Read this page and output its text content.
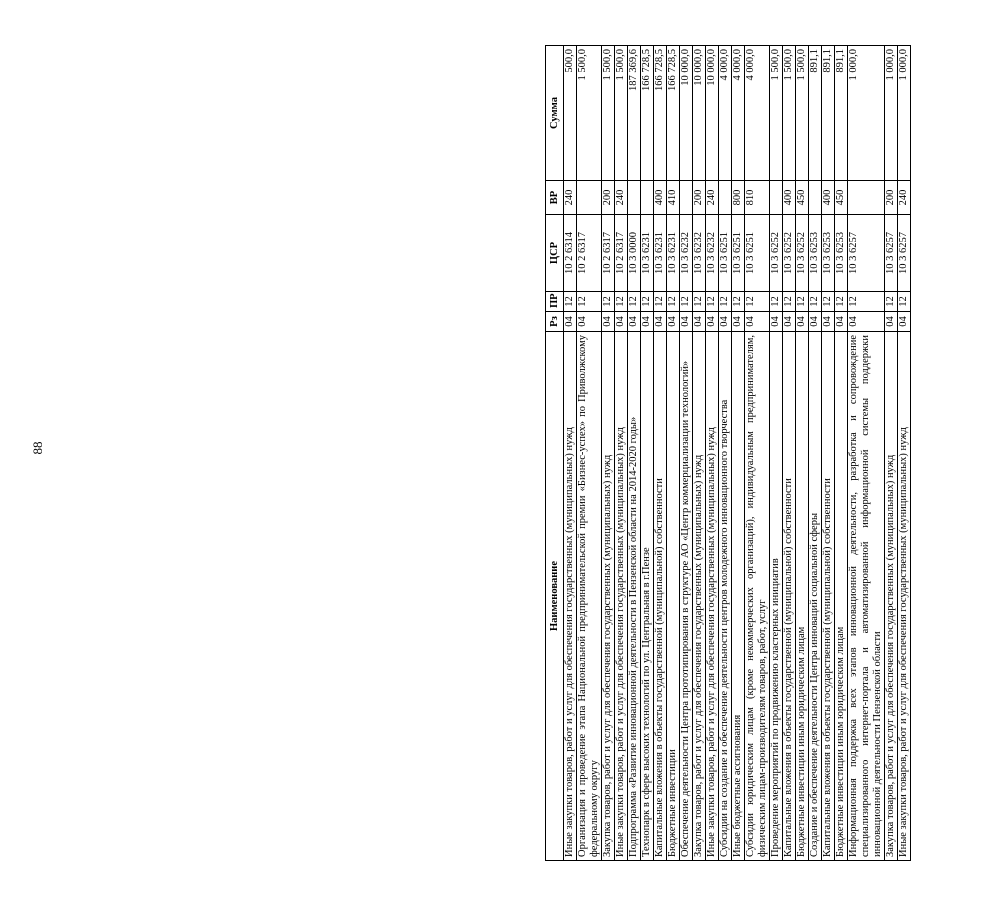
88
Наименование	Рз	ПР	ЦСР	ВР	Сумма
Иные закупки товаров, работ и услуг для обеспечения государственных (муниципальных) нужд	04	12	10 2 6314	240	500,0
Организация и проведение этапа Национальной предпринимательской премии «Бизнес-успех» по Приволжскому федеральному округу	04	12	10 2 6317		1 500,0
Закупка товаров, работ и услуг для обеспечения государственных (муниципальных) нужд	04	12	10 2 6317	200	1 500,0
Иные закупки товаров, работ и услуг для обеспечения государственных (муниципальных) нужд	04	12	10 2 6317	240	1 500,0
Подпрограмма «Развитие инновационной деятельности в Пензенской области на 2014-2020 годы»	04	12	10 3 0000		187 369,6
Технопарк в сфере высоких технологий по ул. Центральная в г.Пензе	04	12	10 3 6231		166 728,5
Капитальные вложения в объекты государственной (муниципальной) собственности	04	12	10 3 6231	400	166 728,5
Бюджетные инвестиции	04	12	10 3 6231	410	166 728,5
Обеспечение деятельности Центра прототипирования в структуре АО «Центр коммерциализации технологий»	04	12	10 3 6232		10 000,0
Закупка товаров, работ и услуг для обеспечения государственных (муниципальных) нужд	04	12	10 3 6232	200	10 000,0
Иные закупки товаров, работ и услуг для обеспечения государственных (муниципальных) нужд	04	12	10 3 6232	240	10 000,0
Субсидии на создание и обеспечение деятельности центров молодежного инновационного творчества	04	12	10 3 6251		4 000,0
Иные бюджетные ассигнования	04	12	10 3 6251	800	4 000,0
Субсидии юридическим лицам (кроме некоммерческих организаций), индивидуальным предпринимателям, физическим лицам-производителям товаров, работ, услуг	04	12	10 3 6251	810	4 000,0
Проведение мероприятий по продвижению кластерных инициатив	04	12	10 3 6252		1 500,0
Капитальные вложения в объекты государственной (муниципальной) собственности	04	12	10 3 6252	400	1 500,0
Бюджетные инвестиции иным юридическим лицам	04	12	10 3 6252	450	1 500,0
Создание и обеспечение деятельности Центра инноваций социальной сферы	04	12	10 3 6253		891,1
Капитальные вложения в объекты государственной (муниципальной) собственности	04	12	10 3 6253	400	891,1
Бюджетные инвестиции иным юридическим лицам	04	12	10 3 6253	450	891,1
Информационная поддержка всех этапов инновационной деятельности, разработка и сопровождение специализированного интернет-портала и автоматизированной информационной системы поддержки инновационной деятельности Пензенской области	04	12	10 3 6257		1 000,0
Закупка товаров, работ и услуг для обеспечения государственных (муниципальных) нужд	04	12	10 3 6257	200	1 000,0
Иные закупки товаров, работ и услуг для обеспечения государственных (муниципальных) нужд	04	12	10 3 6257	240	1 000,0
